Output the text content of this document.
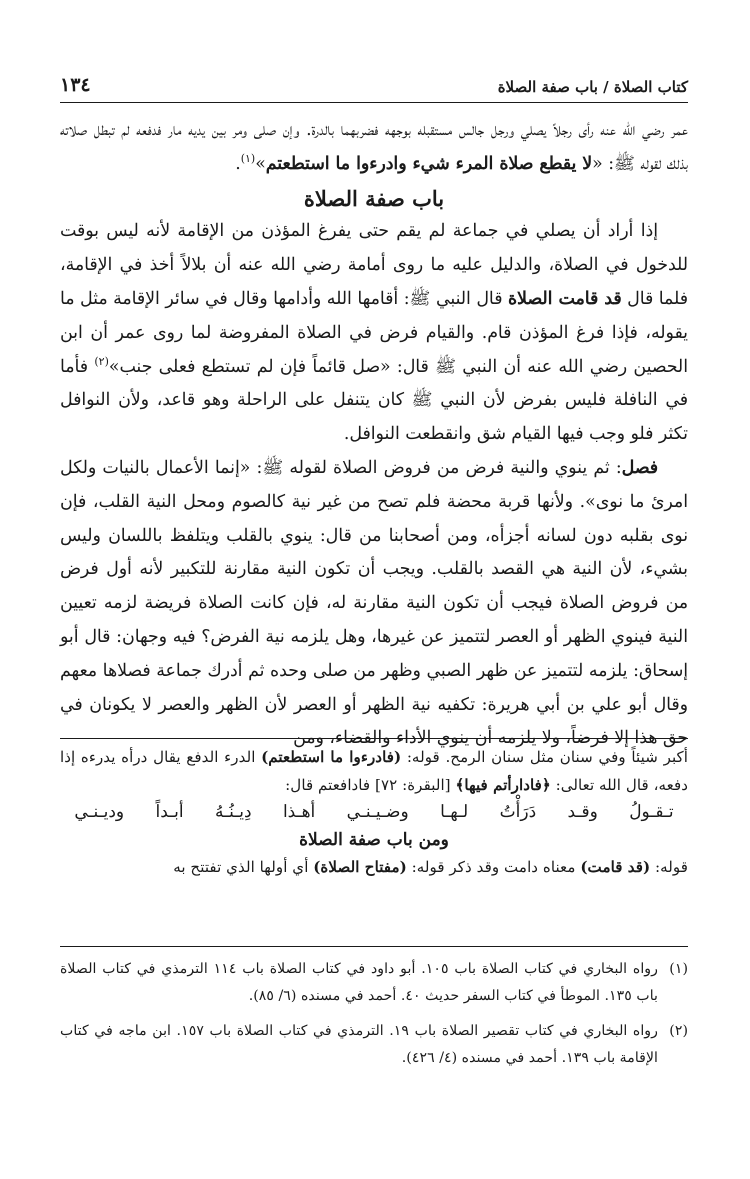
كتاب الصلاة / باب صفة الصلاة
١٣٤

عمر رضي الله عنه رأى رجلاً يصلي ورجل جالس مستقبله بوجهه فضربهما بالدرة. وإن صلى ومر بين يديه مار فدفعه لم تبطل صلاته بذلك لقوله ﷺ: «لا يقطع صلاة المرء شيء وادرءوا ما استطعتم»$^{(١)}$.

باب صفة الصلاة

إذا أراد أن يصلي في جماعة لم يقم حتى يفرغ المؤذن من الإقامة لأنه ليس بوقت للدخول في الصلاة، والدليل عليه ما روى أمامة رضي الله عنه أن بلالاً أخذ في الإقامة، فلما قال قد قامت الصلاة قال النبي ﷺ: أقامها الله وأدامها وقال في سائر الإقامة مثل ما يقوله، فإذا فرغ المؤذن قام. والقيام فرض في الصلاة المفروضة لما روى عمر أن ابن الحصين رضي الله عنه أن النبي ﷺ قال: «صل قائماً فإن لم تستطع فعلى جنب»$^{(٢)}$ فأما في النافلة فليس بفرض لأن النبي ﷺ كان يتنفل على الراحلة وهو قاعد، ولأن النوافل تكثر فلو وجب فيها القيام شق وانقطعت النوافل.

فصل: ثم ينوي والنية فرض من فروض الصلاة لقوله ﷺ: «إنما الأعمال بالنيات ولكل امرئ ما نوى». ولأنها قربة محضة فلم تصح من غير نية كالصوم ومحل النية القلب، فإن نوى بقلبه دون لسانه أجزأه، ومن أصحابنا من قال: ينوي بالقلب ويتلفظ باللسان وليس بشيء، لأن النية هي القصد بالقلب. ويجب أن تكون النية مقارنة للتكبير لأنه أول فرض من فروض الصلاة فيجب أن تكون النية مقارنة له، فإن كانت الصلاة فريضة لزمه تعيين النية فينوي الظهر أو العصر لتتميز عن غيرها، وهل يلزمه نية الفرض؟ فيه وجهان: قال أبو إسحاق: يلزمه لتتميز عن ظهر الصبي وظهر من صلى وحده ثم أدرك جماعة فصلاها معهم وقال أبو علي بن أبي هريرة: تكفيه نية الظهر أو العصر لأن الظهر والعصر لا يكونان في حق هذا إلا فرضاً، ولا يلزمه أن ينوي الأداء والقضاء، ومن

أكبر شيئاً وفي سنان مثل سنان الرمح. قوله: (فادرءوا ما استطعتم) الدرء الدفع يقال درأه يدرءه إذا دفعه، قال الله تعالى: ﴿فادارأتم فيها﴾ [البقرة: ٧٢] فادافعتم قال:

تـقـولُ وقـد دَرَأْتُ لـهـا وضـيـنـي أهـذا دِيـنُـهُ أبـداً وديـنـي

ومن باب صفة الصلاة

قوله: (قد قامت) معناه دامت وقد ذكر قوله: (مفتاح الصلاة) أي أولها الذي تفتتح به

(١)
رواه البخاري في كتاب الصلاة باب ١٠٥. أبو داود في كتاب الصلاة باب ١١٤ الترمذي في كتاب الصلاة باب ١٣٥. الموطأ في كتاب السفر حديث ٤٠. أحمد في مسنده (٦/ ٨٥).
(٢)
رواه البخاري في كتاب تقصير الصلاة باب ١٩. الترمذي في كتاب الصلاة باب ١٥٧. ابن ماجه في كتاب الإقامة باب ١٣٩. أحمد في مسنده (٤/ ٤٢٦).
